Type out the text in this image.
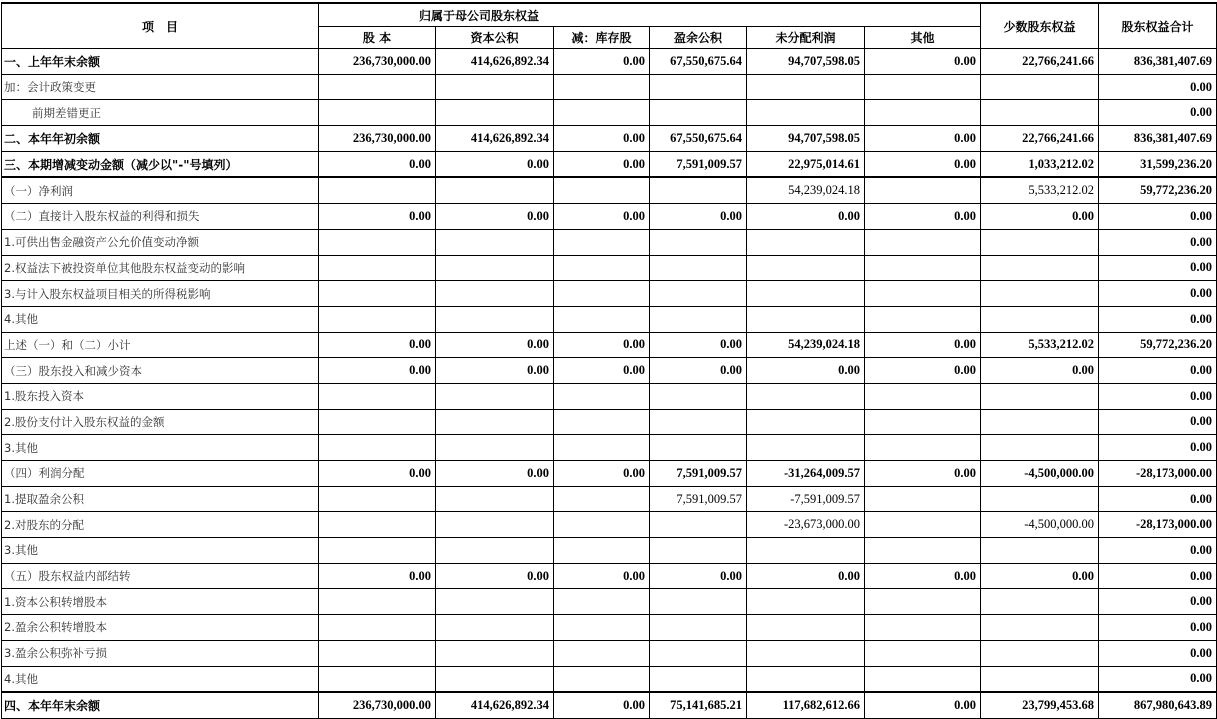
项　目	归属于母公司股东权益						少数股东权益	股东权益合计
	股 本	资本公积	减：库存股	盈余公积	未分配利润	其他		
一、上年年末余额	236,730,000.00	414,626,892.34	0.00	67,550,675.64	94,707,598.05	0.00	22,766,241.66	836,381,407.69
加：会计政策变更								0.00
前期差错更正								0.00
二、本年年初余额	236,730,000.00	414,626,892.34	0.00	67,550,675.64	94,707,598.05	0.00	22,766,241.66	836,381,407.69
三、本期增减变动金额（减少以"-"号填列）	0.00	0.00	0.00	7,591,009.57	22,975,014.61	0.00	1,033,212.02	31,599,236.20
（一）净利润					54,239,024.18		5,533,212.02	59,772,236.20
（二）直接计入股东权益的利得和损失	0.00	0.00	0.00	0.00	0.00	0.00	0.00	0.00
1.可供出售金融资产公允价值变动净额								0.00
2.权益法下被投资单位其他股东权益变动的影响								0.00
3.与计入股东权益项目相关的所得税影响								0.00
4.其他								0.00
上述（一）和（二）小计	0.00	0.00	0.00	0.00	54,239,024.18	0.00	5,533,212.02	59,772,236.20
（三）股东投入和减少资本	0.00	0.00	0.00	0.00	0.00	0.00	0.00	0.00
1.股东投入资本								0.00
2.股份支付计入股东权益的金额								0.00
3.其他								0.00
（四）利润分配	0.00	0.00	0.00	7,591,009.57	-31,264,009.57	0.00	-4,500,000.00	-28,173,000.00
1.提取盈余公积				7,591,009.57	-7,591,009.57			0.00
2.对股东的分配					-23,673,000.00		-4,500,000.00	-28,173,000.00
3.其他								0.00
（五）股东权益内部结转	0.00	0.00	0.00	0.00	0.00	0.00	0.00	0.00
1.资本公积转增股本								0.00
2.盈余公积转增股本								0.00
3.盈余公积弥补亏损								0.00
4.其他								0.00
四、本年年末余额	236,730,000.00	414,626,892.34	0.00	75,141,685.21	117,682,612.66	0.00	23,799,453.68	867,980,643.89
